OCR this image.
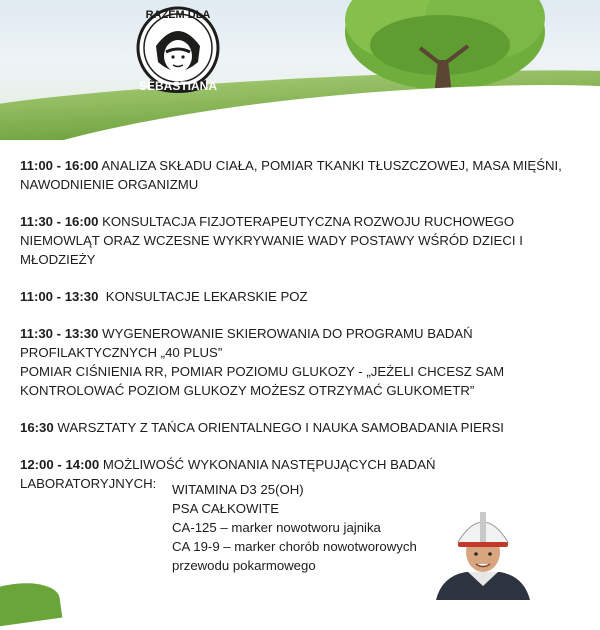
RAZEM DLA
SEBASTIANA
11:00 - 16:00 ANALIZA SKŁADU CIAŁA, POMIAR TKANKI TŁUSZCZOWEJ, MASA MIĘŚNI, NAWODNIENIE ORGANIZMU
11:30 - 16:00 KONSULTACJA FIZJOTERAPEUTYCZNA ROZWOJU RUCHOWEGO NIEMOWLĄT ORAZ WCZESNE WYKRYWANIE WADY POSTAWY WŚRÓD DZIECI I MŁODZIEŻY
11:00 - 13:30  KONSULTACJE LEKARSKIE POZ
11:30 - 13:30 WYGENEROWANIE SKIEROWANIA DO PROGRAMU BADAŃ PROFILAKTYCZNYCH „40 PLUS”
POMIAR CIŚNIENIA RR, POMIAR POZIOMU GLUKOZY - „JEŻELI CHCESZ SAM KONTROLOWAĆ POZIOM GLUKOZY MOŻESZ OTRZYMAĆ GLUKOMETR”
16:30 WARSZTATY Z TAŃCA ORIENTALNEGO I NAUKA SAMOBADANIA PIERSI
12:00 - 14:00 MOŻLIWOŚĆ WYKONANIA NASTĘPUJĄCYCH BADAŃ
LABORATORYJNYCH:	WITAMINA D3 25(OH)
PSA CAŁKOWITE
CA-125 – marker nowotworu jajnika
CA 19-9 – marker chorób nowotworowych
przewodu pokarmowego
